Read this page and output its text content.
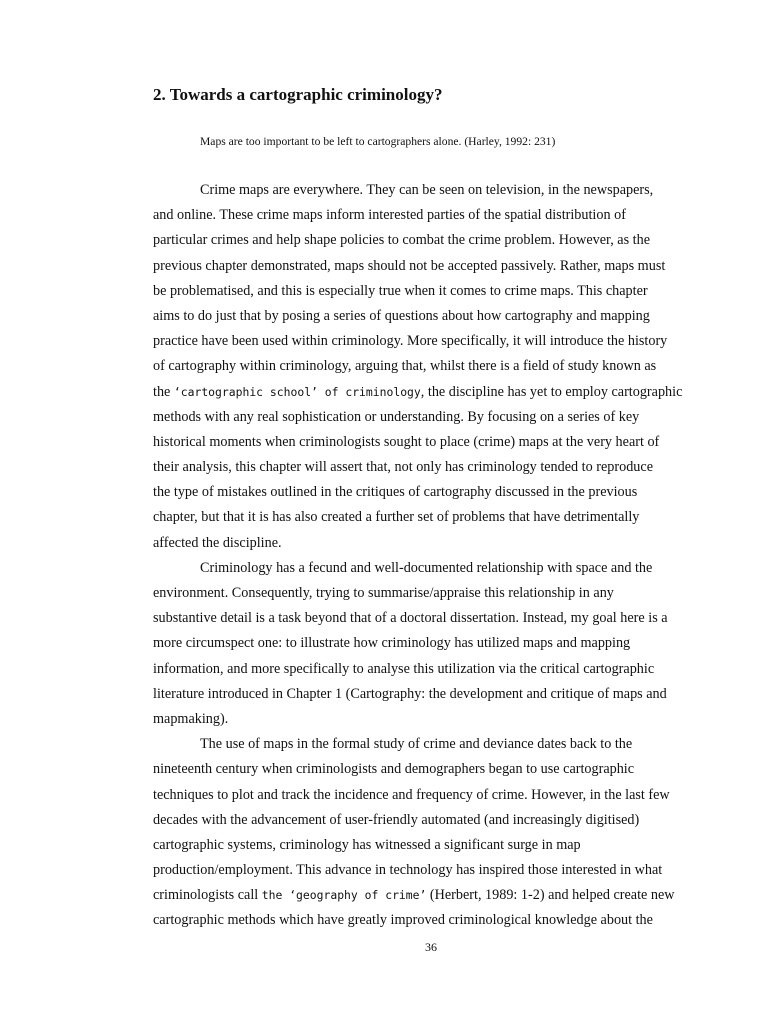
2. Towards a cartographic criminology?
Maps are too important to be left to cartographers alone. (Harley, 1992: 231)
Crime maps are everywhere. They can be seen on television, in the newspapers,
and online. These crime maps inform interested parties of the spatial distribution of
particular crimes and help shape policies to combat the crime problem. However, as the
previous chapter demonstrated, maps should not be accepted passively. Rather, maps must
be problematised, and this is especially true when it comes to crime maps. This chapter
aims to do just that by posing a series of questions about how cartography and mapping
practice have been used within criminology. More specifically, it will introduce the history
of cartography within criminology, arguing that, whilst there is a field of study known as
the ‘cartographic school’ of criminology, the discipline has yet to employ cartographic
methods with any real sophistication or understanding. By focusing on a series of key
historical moments when criminologists sought to place (crime) maps at the very heart of
their analysis, this chapter will assert that, not only has criminology tended to reproduce
the type of mistakes outlined in the critiques of cartography discussed in the previous
chapter, but that it is has also created a further set of problems that have detrimentally
affected the discipline.
Criminology has a fecund and well-documented relationship with space and the
environment. Consequently, trying to summarise/appraise this relationship in any
substantive detail is a task beyond that of a doctoral dissertation. Instead, my goal here is a
more circumspect one: to illustrate how criminology has utilized maps and mapping
information, and more specifically to analyse this utilization via the critical cartographic
literature introduced in Chapter 1 (Cartography: the development and critique of maps and
mapmaking).
The use of maps in the formal study of crime and deviance dates back to the
nineteenth century when criminologists and demographers began to use cartographic
techniques to plot and track the incidence and frequency of crime. However, in the last few
decades with the advancement of user-friendly automated (and increasingly digitised)
cartographic systems, criminology has witnessed a significant surge in map
production/employment. This advance in technology has inspired those interested in what
criminologists call the ‘geography of crime’ (Herbert, 1989: 1-2) and helped create new
cartographic methods which have greatly improved criminological knowledge about the
36
